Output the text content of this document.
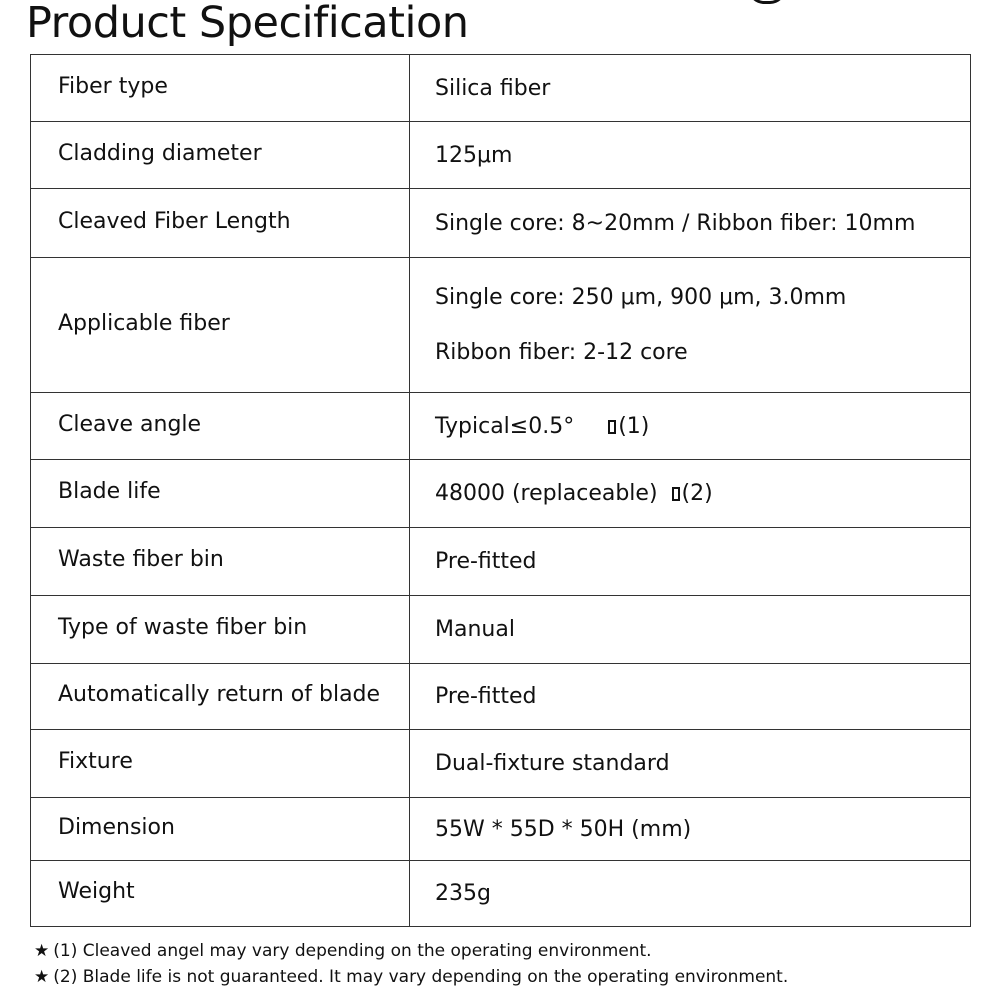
Product Specification
Fiber type	Silica fiber
Cladding diameter	125μm
Cleaved Fiber Length	Single core: 8~20mm / Ribbon fiber: 10mm
Applicable fiber	Single core: 250 μm, 900 μm, 3.0mm
Ribbon fiber: 2-12 core

Cleave angle	Typical≤0.5° (1)
Blade life	48000 (replaceable) (2)
Waste fiber bin	Pre-fitted
Type of waste fiber bin	Manual
Automatically return of blade	Pre-fitted
Fixture	Dual-fixture standard
Dimension	55W * 55D * 50H (mm)
Weight	235g
★ (1) Cleaved angel may vary depending on the operating environment.
★ (2) Blade life is not guaranteed. It may vary depending on the operating environment.
